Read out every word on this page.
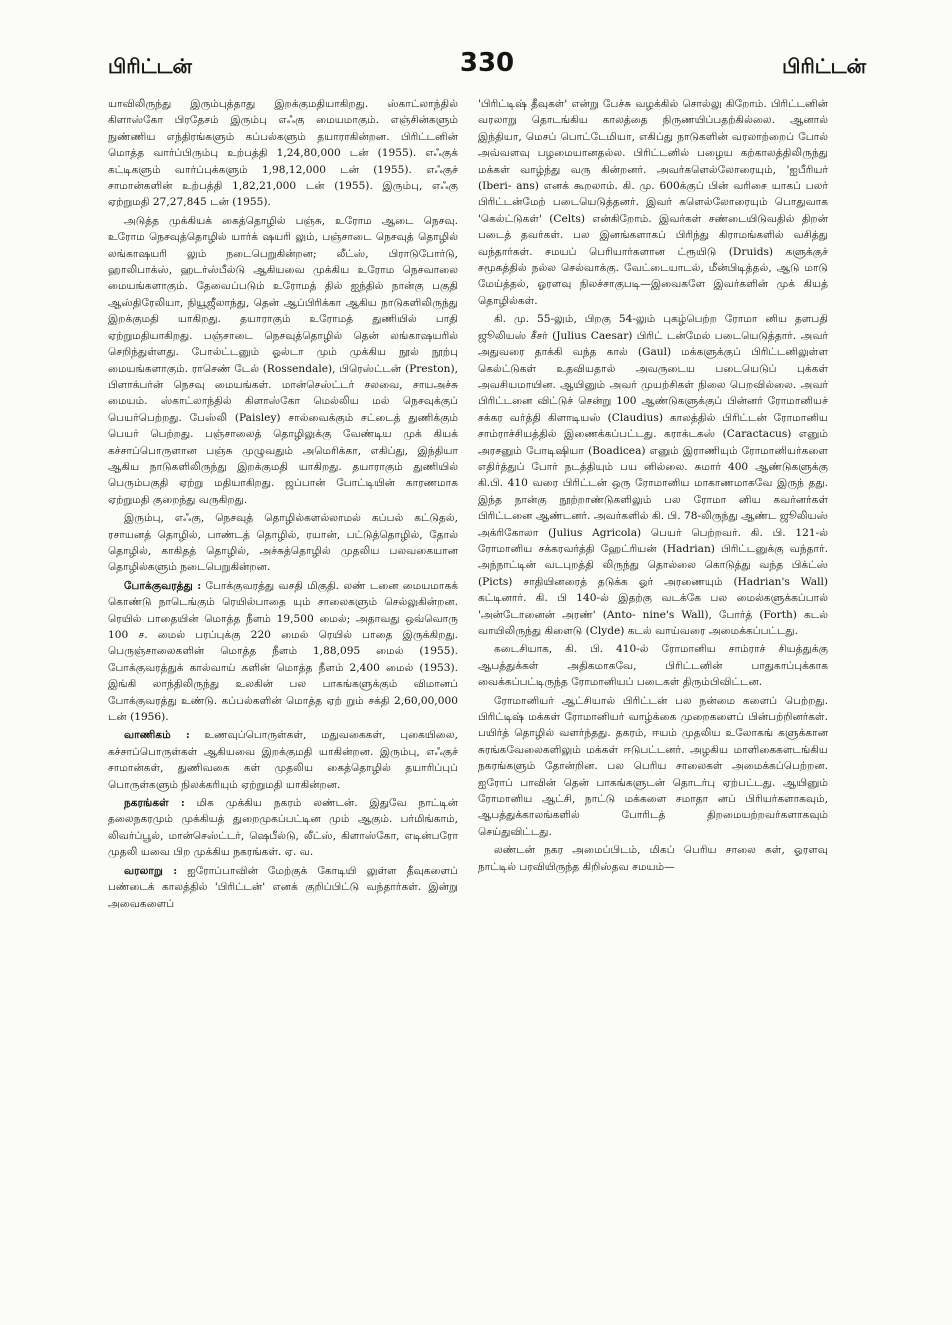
பிரிட்டன்	330	பிரிட்டன்

யாவிலிருந்து இரும்புத்தாது இறக்குமதியாகிறது. ஸ்காட்லாந்தில் கிளாஸ்கோ பிரதேசம் இரும்பு எஃகு மையமாகும். எஞ்சின்களும் நுண்ணிய எந்திரங்களும் கப்பல்களும் தயாராகின்றன. பிரிட்டனின் மொத்த வார்ப்பிரும்பு உற்பத்தி 1,24,80,000 டன் (1955). எஃகுக் கட்டிகளும் வார்ப்புக்களும் 1,98,12,000 டன் (1955). எஃகுச் சாமான்களின் உற்பத்தி 1,82,21,000 டன் (1955). இரும்பு, எஃகு ஏற்றுமதி 27,27,845 டன் (1955).

அடுத்த முக்கியக் கைத்தொழில் பஞ்சு, உரோம ஆடை நெசவு. உரோம நெசவுத்தொழில் யார்க் ஷயரி லும், பஞ்சாடை நெசவுத் தொழில் லங்காஷயரி லும் நடைபெறுகின்றன; லீட்ஸ், பிராடுபோர்டு, ஹாலிபாக்ஸ், ஹடர்ஸ்பீல்டு ஆகியவை முக்கிய உரோம நெசவாலை மையங்களாகும். தேவைப்படும் உரோமத் தில் ஐந்தில் நான்கு பகுதி ஆஸ்திரேலியா, நியூஜீலாந்து, தென் ஆப்பிரிக்கா ஆகிய நாடுகளிலிருந்து இறக்குமதி யாகிறது. தயாராகும் உரோமத் துணியில் பாதி ஏற்றுமதியாகிறது. பஞ்சாடை நெசவுத்தொழில் தென் லங்காஷயரில் செறிந்துள்ளது. போல்ட்டனும் ஓல்டா மும் முக்கிய நூல் நூற்பு மையங்களாகும். ராசெண் டேல் (Rossendale), பிரெஸ்ட்டன் (Preston), பிளாக்பர்ன் நெசவு மையங்கள். மான்செஸ்ட்டர் சலவை, சாயஅச்சு மையம். ஸ்காட்லாந்தில் கிளாஸ்கோ மெல்லிய மல் நெசவுக்குப் பெயர்பெற்றது. பேஸ்லி (Paisley) சால்வைக்கும் சட்டைத் துணிக்கும் பெயர் பெற்றது. பஞ்சாலைத் தொழிலுக்கு வேண்டிய முக் கியக் கச்சாப்பொருளான பஞ்சு முழுவதும் அமெரிக்கா, எகிப்து, இந்தியா ஆகிய நாடுகளிலிருந்து இறக்குமதி யாகிறது. தயாராகும் துணியில் பெரும்பகுதி ஏற்று மதியாகிறது. ஜப்பான் போட்டியின் காரணமாக ஏற்றுமதி குறைந்து வருகிறது.

இரும்பு, எஃகு, நெசவுத் தொழில்களல்லாமல் கப்பல் கட்டுதல், ரசாயனத் தொழில், பாண்டத் தொழில், ரயான், பட்டுத்தொழில், தோல் தொழில், காகிதத் தொழில், அச்சுத்தொழில் முதலிய பலவகையான தொழில்களும் நடைபெறுகின்றன.

போக்குவரத்து : போக்குவரத்து வசதி மிகுதி. லண் டனை மையமாகக் கொண்டு நாடெங்கும் ரெயில்பாதை யும் சாலைகளும் செல்லுகின்றன. ரெயில் பாதையின் மொத்த நீளம் 19,500 மைல்; அதாவது ஒவ்வொரு 100 ச. மைல் பரப்புக்கு 220 மைல் ரெயில் பாதை இருக்கிறது. பெருஞ்சாலைகளின் மொத்த நீளம் 1,88,095 மைல் (1955). போக்குவரத்துக் கால்வாய் களின் மொத்த நீளம் 2,400 மைல் (1953). இங்கி லாந்திலிருந்து உலகின் பல பாகங்களுக்கும் விமானப் போக்குவரத்து உண்டு. கப்பல்களின் மொத்த ஏற் றும் சக்தி 2,60,00,000 டன் (1956).

வாணிகம் : உணவுப்பொருள்கள், மதுவகைகள், புகையிலை, கச்சாப்பொருள்கள் ஆகியவை இறக்குமதி யாகின்றன. இரும்பு, எஃகுச் சாமான்கள், துணிவகை கள் முதலிய கைத்தொழில் தயாரிப்புப் பொருள்களும் நிலக்கரியும் ஏற்றுமதி யாகின்றன.

நகரங்கள் : மிக முக்கிய நகரம் லண்டன். இதுவே நாட்டின் தலைநகரமும் முக்கியத் துறைமுகப்பட்டின மும் ஆகும். பர்மிங்காம், லிவர்ப்பூல், மான்செஸ்ட்டர், ஷெபீல்டு, லீட்ஸ், கிளாஸ்கோ, எடின்பரோ முதலி யவை பிற முக்கிய நகரங்கள். ஏ. வ.

வரலாறு : ஐரோப்பாவின் மேற்குக் கோடியி லுள்ள தீவுகளைப் பண்டைக் காலத்தில் 'பிரிட்டன்' எனக் குறிப்பிட்டு வந்தார்கள். இன்று அவைகளைப்

'பிரிட்டிஷ் தீவுகள்' என்று பேச்சு வழக்கில் சொல்லு கிறோம். பிரிட்டனின் வரலாறு தொடங்கிய காலத்தை நிருணயிப்பதற்கில்லை. ஆனால் இந்தியா, மெசப் பொட்டேமியா, எகிப்து நாடுகளின் வரலாற்றைப் போல் அவ்வளவு பழமையானதல்ல. பிரிட்டனில் பழைய கற்காலத்திலிருந்து மக்கள் வாழ்ந்து வரு கின்றனர். அவர்களெல்லோரையும், 'ஐபீரியர் (Iberi- ans) எனக் கூறலாம். கி. மு. 600க்குப் பின் வரிசை யாகப் பலர் பிரிட்டன்மேற் படையெடுத்தனர். இவர் களெல்லோரையும் பொதுவாக 'கெல்ட்டுகள்' (Celts) என்கிறோம். இவர்கள் சண்டையிடுவதில் திறன் படைத் தவர்கள். பல இனங்களாகப் பிரிந்து கிராமங்களில் வசித்து வந்தார்கள். சமயப் பெரியார்களான ட்ரூயிடு (Druids) களுக்குச் சமூகத்தில் நல்ல செல்வாக்கு. வேட்டையாடல், மீன்பிடித்தல், ஆடு மாடு மேய்த்தல், ஓரளவு நிலச்சாகுபடி—இவைகளே இவர்களின் முக் கியத் தொழில்கள்.

கி. மு. 55-லும், பிறகு 54-லும் புகழ்பெற்ற ரோமா னிய தளபதி ஜூலியஸ் சீசர் (Julius Caesar) பிரிட் டன்மேல் படையெடுத்தார். அவர் அதுவரை தாக்கி வந்த கால் (Gaul) மக்களுக்குப் பிரிட்டனிலுள்ள கெல்ட்டுகள் உதவியதால் அவருடைய படையெடுப் புக்கள் அவசியமாயின. ஆயினும் அவர் முயற்சிகள் நிலை பெறவில்லை. அவர் பிரிட்டனை விட்டுச் சென்று 100 ஆண்டுகளுக்குப் பின்னர் ரோமானியச் சக்கர வர்த்தி கிளாடியஸ் (Claudius) காலத்தில் பிரிட்டன் ரோமானிய சாம்ராச்சியத்தில் இணைக்கப்பட்டது. கராக்டகஸ் (Caractacus) எனும் அரசனும் போடிஷியா (Boadicea) எனும் இராணியும் ரோமானியர்களை எதிர்த்துப் போர் நடத்தியும் பய னில்லை. சுமார் 400 ஆண்டுகளுக்கு கி.பி. 410 வரை பிரிட்டன் ஒரு ரோமானிய மாகாணமாகவே இருந் தது. இந்த நான்கு நூற்றாண்டுகளிலும் பல ரோமா னிய கவர்னர்கள் பிரிட்டனை ஆண்டனர். அவர்களில் கி. பி. 78-லிருந்து ஆண்ட ஜூலியஸ் அக்ரிகோலா (Julius Agricola) பெயர் பெற்றவர். கி. பி. 121-ல் ரோமானிய சக்கரவர்த்தி ஹேட்ரியன் (Hadrian) பிரிட்டனுக்கு வந்தார். அந்நாட்டின் வடபுறத்தி லிருந்து தொல்லை கொடுத்து வந்த பிக்ட்ஸ் (Picts) சாதியினரைத் தடுக்க ஓர் அரணையும் (Hadrian's Wall) கட்டினார். கி. பி 140-ல் இதற்கு வடக்கே பல மைல்களுக்கப்பால் 'அன்டோனைன் அரண்' (Anto- nine's Wall), போர்த் (Forth) கடல் வாயிலிருந்து கிளைடு (Clyde) கடல் வாய்வரை அமைக்கப்பட்டது.

கடைசியாக, கி. பி. 410-ல் ரோமானிய சாம்ராச் சியத்துக்கு ஆபத்துக்கள் அதிகமாகவே, பிரிட்டனின் பாதுகாப்புக்காக வைக்கப்பட்டிருந்த ரோமானியப் படைகள் திரும்பிவிட்டன.

ரோமானியர் ஆட்சியால் பிரிட்டன் பல நன்மை களைப் பெற்றது. பிரிட்டிஷ் மக்கள் ரோமானியர் வாழ்க்கை முறைகளைப் பின்பற்றினர்கள். பயிர்த் தொழில் வளர்ந்தது. தகரம், ஈயம் முதலிய உலோகங் களுக்கான சுரங்கவேலைகளிலும் மக்கள் ஈடுபட்டனர். அழகிய மாளிகைகளடங்கிய நகரங்களும் தோன்றின. பல பெரிய சாலைகள் அமைக்கப்பெற்றன. ஐரோப் பாவின் தென் பாகங்களுடன் தொடர்பு ஏற்பட்டது. ஆயினும் ரோமானிய ஆட்சி, நாட்டு மக்களை சமாதா னப் பிரியர்களாகவும், ஆபத்துக்காலங்களில் போரிடத் திறமையற்றவர்களாகவும் செய்துவிட்டது.

லண்டன் நகர அமைப்பிடம், மிகப் பெரிய சாலை கள், ஓரளவு நாட்டில் பரவியிருந்த கிறிஸ்தவ சமயம்—
